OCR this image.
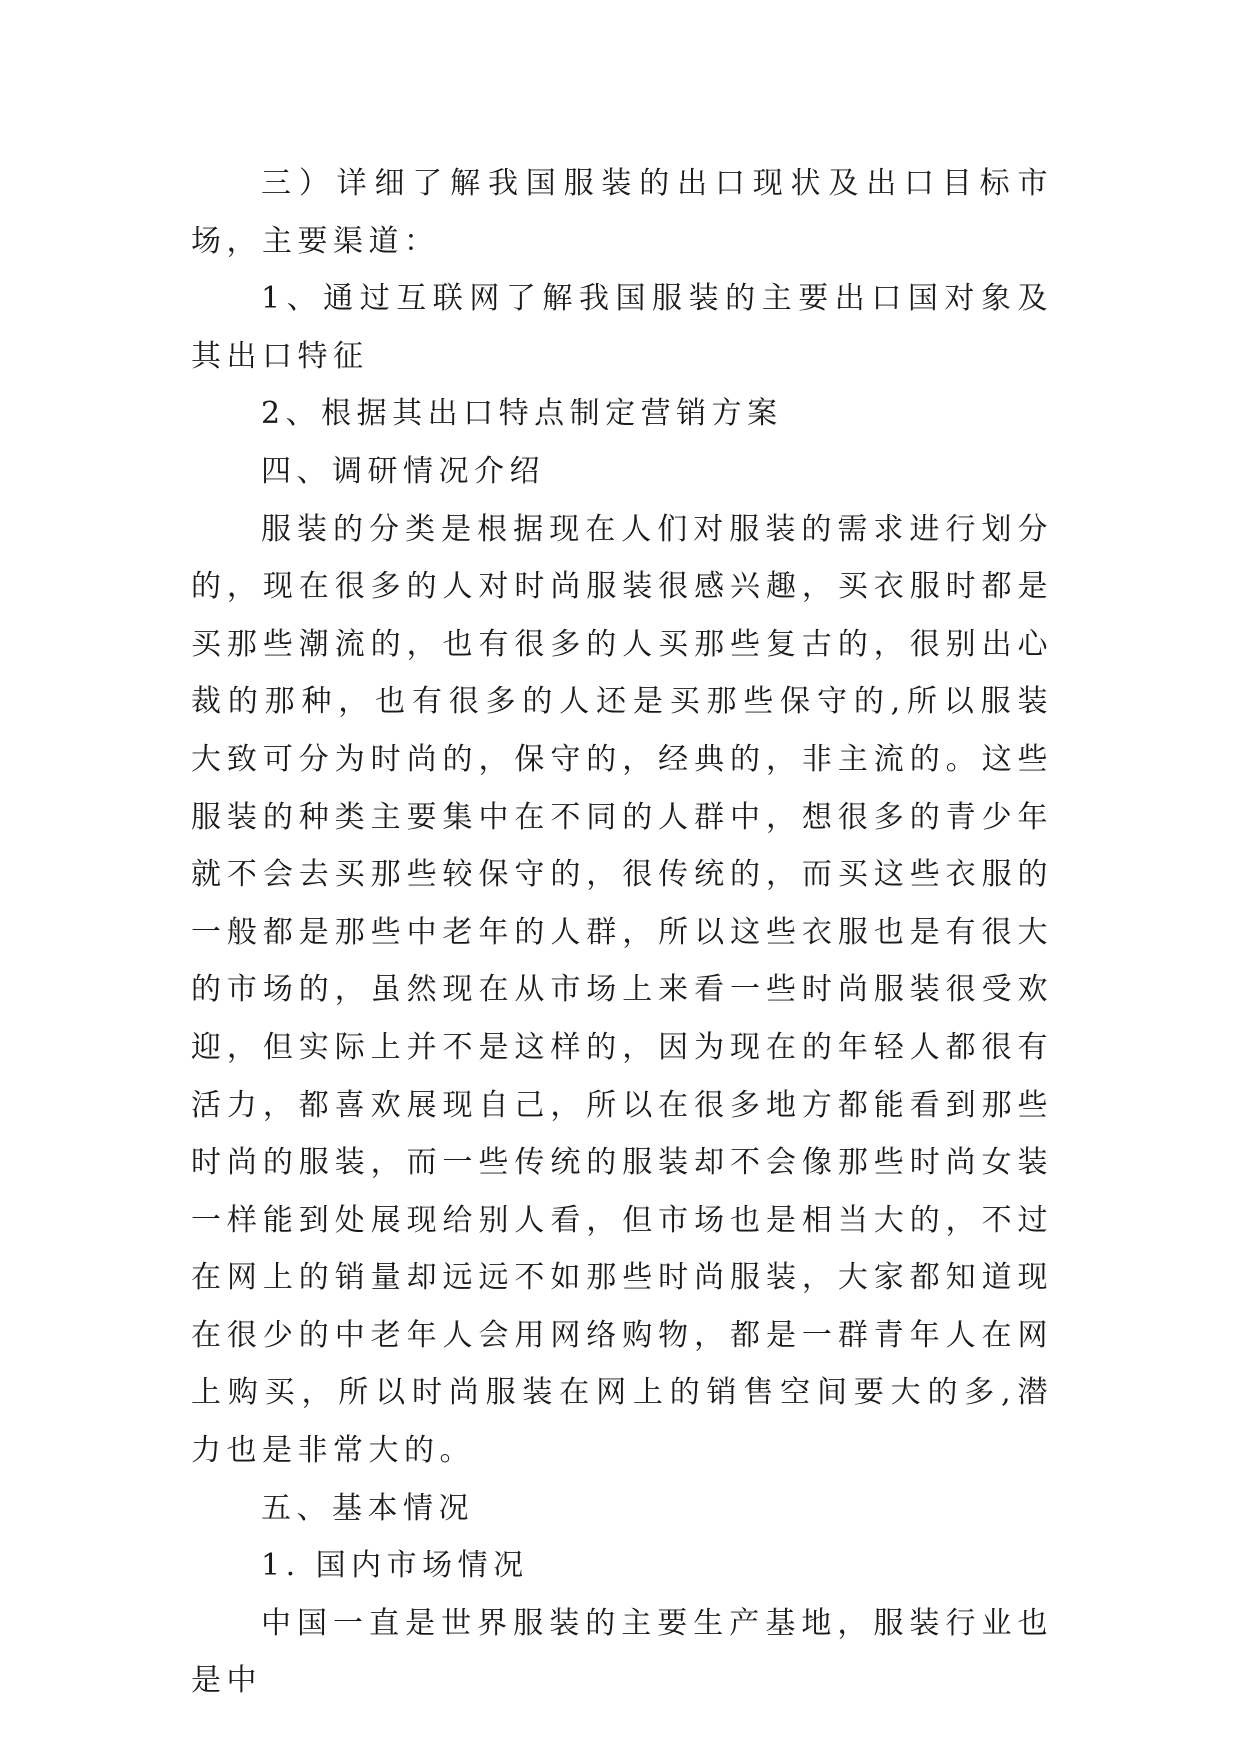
三）详细了解我国服装的出口现状及出口目标市场，主要渠道：

1、通过互联网了解我国服装的主要出口国对象及其出口特征

2、根据其出口特点制定营销方案

四、调研情况介绍

服装的分类是根据现在人们对服装的需求进行划分的，现在很多的人对时尚服装很感兴趣，买衣服时都是买那些潮流的，也有很多的人买那些复古的，很别出心裁的那种，也有很多的人还是买那些保守的,所以服装大致可分为时尚的，保守的，经典的，非主流的。这些服装的种类主要集中在不同的人群中，想很多的青少年就不会去买那些较保守的，很传统的，而买这些衣服的一般都是那些中老年的人群，所以这些衣服也是有很大的市场的，虽然现在从市场上来看一些时尚服装很受欢迎，但实际上并不是这样的，因为现在的年轻人都很有活力，都喜欢展现自己，所以在很多地方都能看到那些时尚的服装，而一些传统的服装却不会像那些时尚女装一样能到处展现给别人看，但市场也是相当大的，不过在网上的销量却远远不如那些时尚服装，大家都知道现在很少的中老年人会用网络购物，都是一群青年人在网上购买，所以时尚服装在网上的销售空间要大的多,潜力也是非常大的。

五、基本情况

1. 国内市场情况

中国一直是世界服装的主要生产基地，服装行业也是中
